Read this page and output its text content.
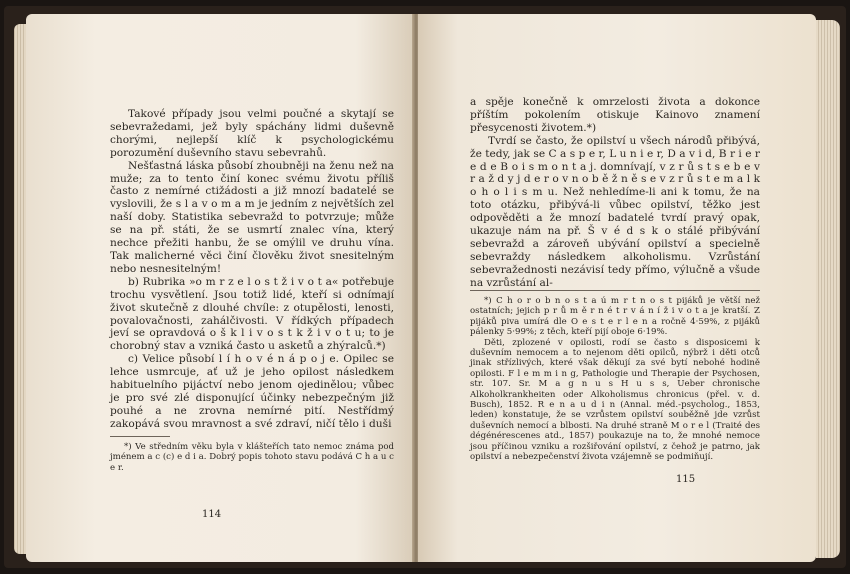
Takové případy jsou velmi poučné a skytají se sebevražedami, jež byly spáchány lidmi duševně chorými, nejlepší klíč k psychologickému porozumění duševního stavu sebevrahů.

Nešťastná láska působí zhoubněji na ženu než na muže; za to tento činí konec svému životu příliš často z nemírné ctižádosti a již mnozí badatelé se vyslovili, že s l a v o m a m je jedním z největších zel naší doby. Statistika sebevražd to potvrzuje; může se na př. státi, že se usmrtí znalec vína, který nechce přežiti hanbu, že se omýlil ve druhu vína. Tak malicherné věci činí člověku život snesitelným nebo nesnesitelným!

b) Rubrika »o m r z e l o s t ž i v o t a« potřebuje trochu vysvětlení. Jsou totiž lidé, kteří si odnímají život skutečně z dlouhé chvíle: z otupělosti, lenosti, povalovačnosti, zahálčivosti. V řídkých případech jeví se opravdová o š k l i v o s t k ž i v o t u; to je chorobný stav a vzniká často u asketů a zhýralců.*)

c) Velice působí l í h o v é n á p o j e. Opilec se lehce usmrcuje, ať už je jeho opilost následkem habituelního pijáctví nebo jenom ojedinělou; vůbec je pro své zlé disponující účinky nebezpečným již pouhé a ne zrovna nemírné pití. Nestřídmý zakopává svou mravnost a své zdraví, ničí tělo i duši

*) Ve středním věku byla v klášteřích tato nemoc známa pod jménem a c (c) e d i a. Dobrý popis tohoto stavu podává C h a u c e r.

114

a spěje konečně k omrzelosti života a dokonce příštím pokolením otiskuje Kainovo znamení přesycenosti životem.*)

Tvrdí se často, že opilství u všech národů přibývá, že tedy, jak se C a s p e r, L u n i e r, D a v i d, B r i e r e d e B o i s m o n t a j. domnívají, v z r ů s t s e b e v r a ž d y j d e r o v n o b ě ž n ě s e v z r ů s t e m a l k o h o l i s m u. Než nehledíme-li ani k tomu, že na toto otázku, přibývá-li vůbec opilství, těžko jest odpověděti a že mnozí badatelé tvrdí pravý opak, ukazuje nám na př. Š v é d s k o stálé přibývání sebevražd a zároveň ubývání opilství a specielně sebevraždy následkem alkoholismu. Vzrůstání sebevražednosti nezávisí tedy přímo, výlučně a všude na vzrůstání al-

*) C h o r o b n o s t a ú m r t n o s t pijáků je větší než ostatních; jejich p r ů m ě r n é t r v á n í ž i v o t a je kratší. Z pijáků piva umírá dle O e s t e r l e n a ročně 4·59%, z pijáků pálenky 5·99%; z těch, kteří pijí oboje 6·19%.

Děti, zplozené v opilosti, rodí se často s disposicemi k duševním nemocem a to nejenom děti opilců, nýbrž i děti otců jinak střízlivých, které však děkují za své bytí nebohé hodině opilosti. F l e m m i n g, Pathologie und Therapie der Psychosen, str. 107. Sr. M a g n u s H u s s, Ueber chronische Alkoholkrankheiten oder Alkoholismus chronicus (přel. v. d. Busch), 1852. R e n a u d i n (Annal. méd.-psycholog., 1853, leden) konstatuje, že se vzrůstem opilství souběžně jde vzrůst duševních nemocí a blbosti. Na druhé straně M o r e l (Traité des dégénérescenes atd., 1857) poukazuje na to, že mnohé nemoce jsou příčinou vzniku a rozšiřování opilství, z čehož je patrno, jak opilství a nebezpečenství života vzájemně se podmiňují.

115
